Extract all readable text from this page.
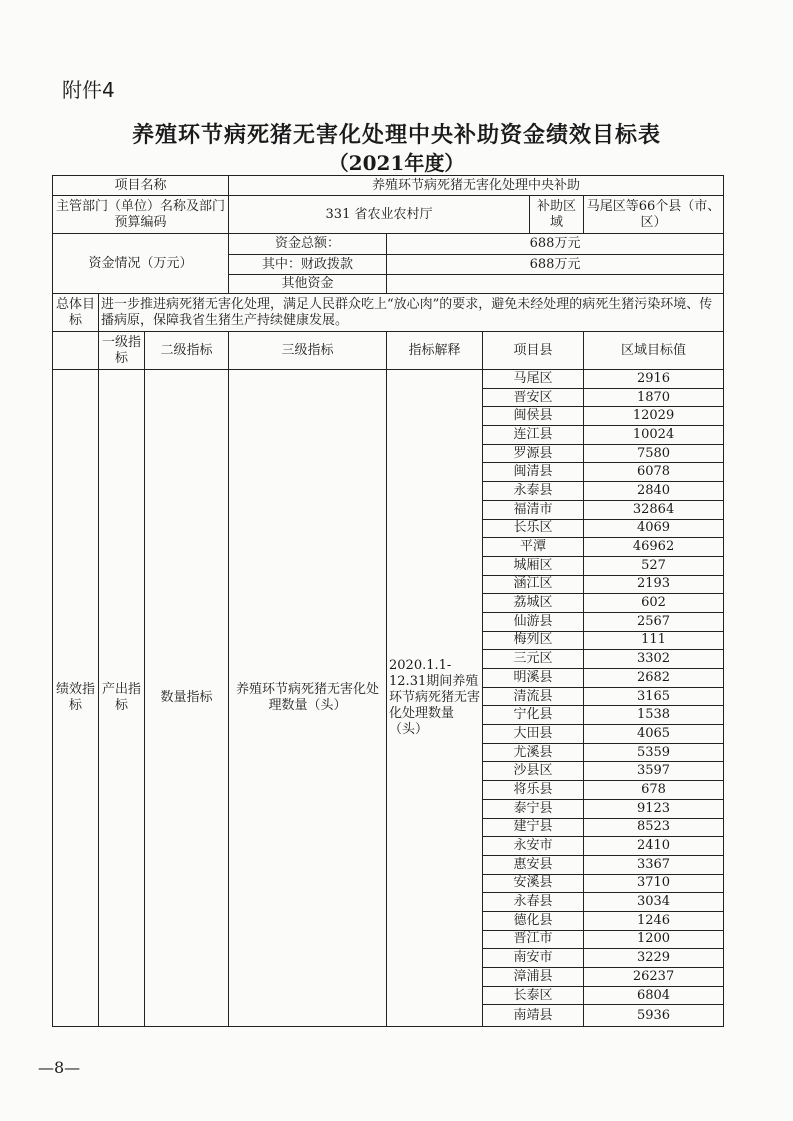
附件4
养殖环节病死猪无害化处理中央补助资金绩效目标表
（2021年度）
项目名称			养殖环节病死猪无害化处理中央补助				
主管部门（单位）名称及部门预算编码			331 省农业农村厅			补助区域	马尾区等66个县（市、区）
资金情况（万元）			资金总额：	688万元			
			其中：财政拨款	688万元			
			其他资金				
总体目标	进一步推进病死猪无害化处理，满足人民群众吃上“放心肉”的要求，避免未经处理的病死生猪污染环境、传播病原，保障我省生猪生产持续健康发展。						
	一级指标	二级指标	三级指标	指标解释	项目县		区域目标值
绩效指标	产出指标	数量指标	养殖环节病死猪无害化处理数量（头）	2020.1.1-12.31期间养殖环节病死猪无害化处理数量（头）	马尾区		2916
					晋安区		1870
					闽侯县		12029
					连江县		10024
					罗源县		7580
					闽清县		6078
					永泰县		2840
					福清市		32864
					长乐区		4069
					平潭		46962
					城厢区		527
					涵江区		2193
					荔城区		602
					仙游县		2567
					梅列区		111
					三元区		3302
					明溪县		2682
					清流县		3165
					宁化县		1538
					大田县		4065
					尤溪县		5359
					沙县区		3597
					将乐县		678
					泰宁县		9123
					建宁县		8523
					永安市		2410
					惠安县		3367
					安溪县		3710
					永春县		3034
					德化县		1246
					晋江市		1200
					南安市		3229
					漳浦县		26237
					长泰区		6804
					南靖县		5936
—8—
